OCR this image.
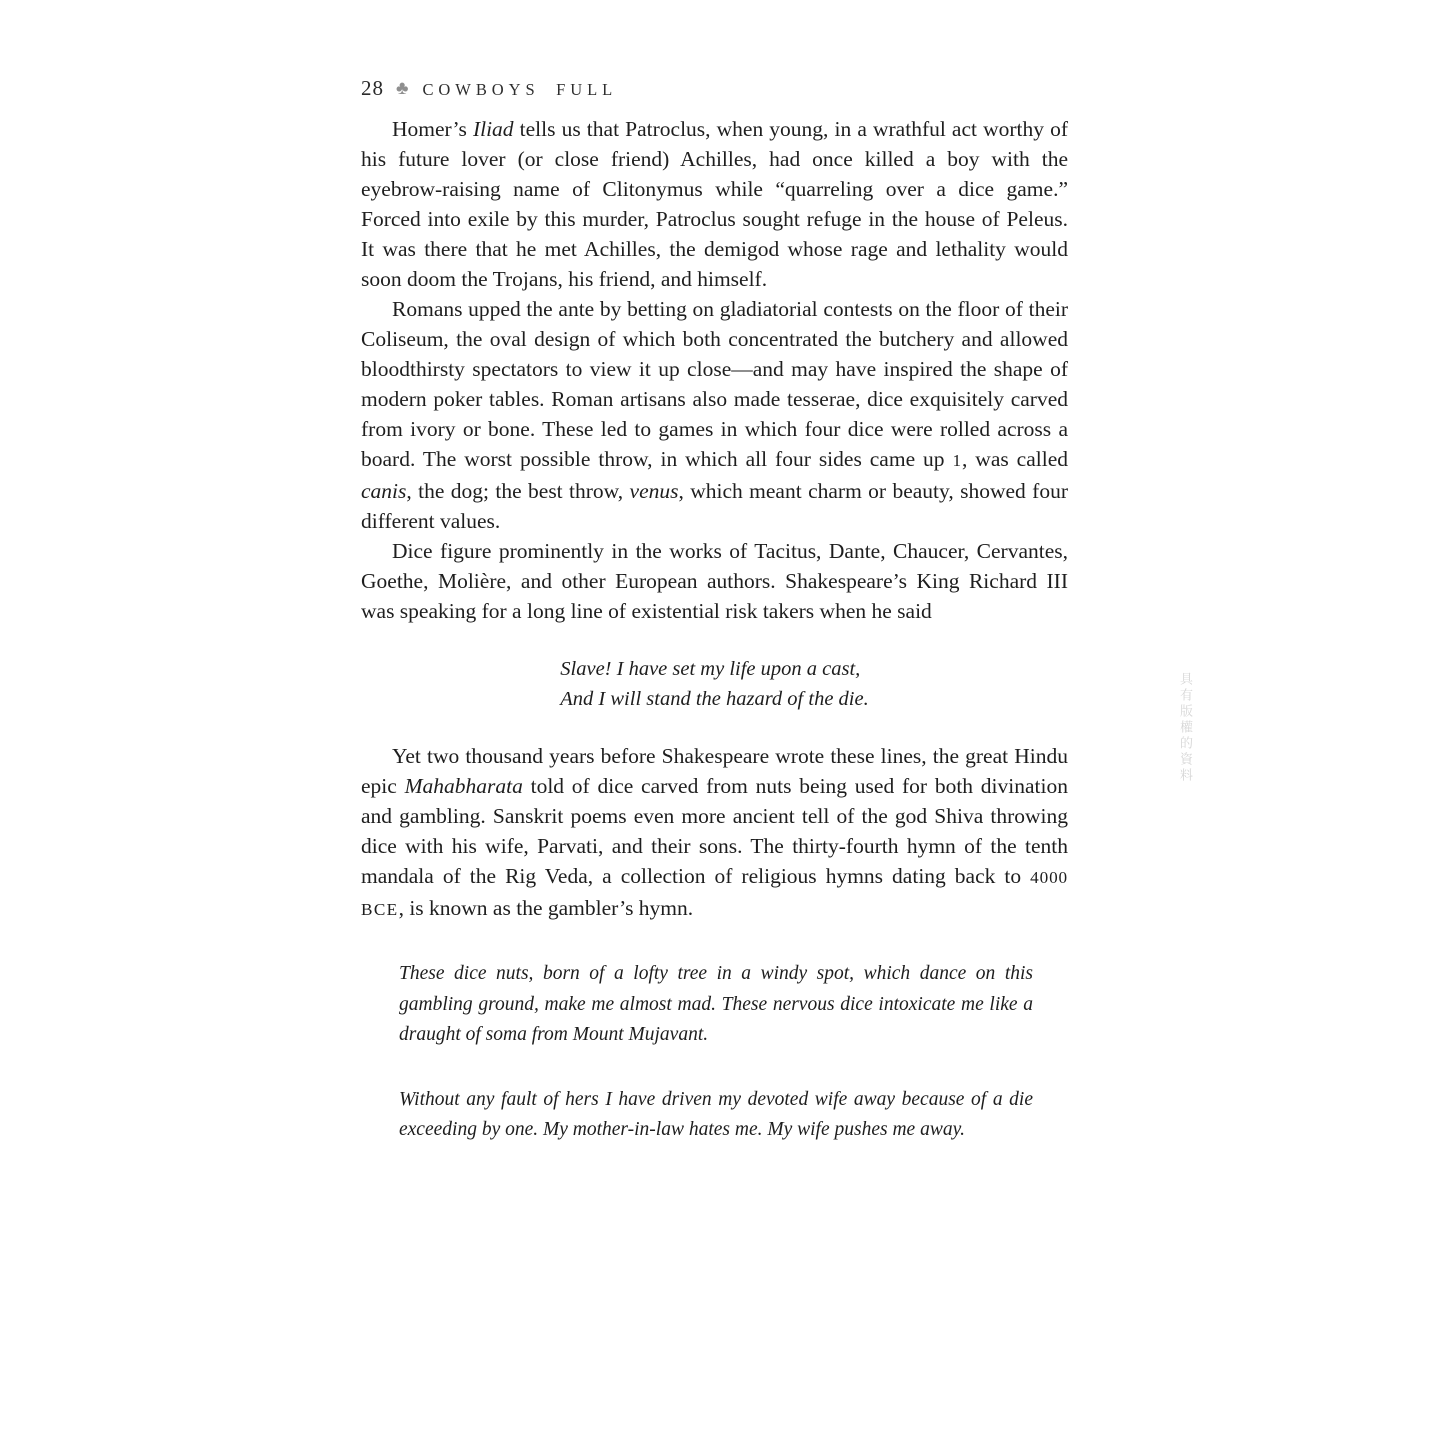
28 ♣ COWBOYS FULL

Homer’s Iliad tells us that Patroclus, when young, in a wrathful act worthy of his future lover (or close friend) Achilles, had once killed a boy with the eyebrow-raising name of Clitonymus while “quarreling over a dice game.” Forced into exile by this murder, Patroclus sought refuge in the house of Peleus. It was there that he met Achilles, the demigod whose rage and lethality would soon doom the Trojans, his friend, and himself.

Romans upped the ante by betting on gladiatorial contests on the floor of their Coliseum, the oval design of which both concentrated the butchery and allowed bloodthirsty spectators to view it up close—and may have inspired the shape of modern poker tables. Roman artisans also made tesserae, dice exquisitely carved from ivory or bone. These led to games in which four dice were rolled across a board. The worst possible throw, in which all four sides came up 1, was called canis, the dog; the best throw, venus, which meant charm or beauty, showed four different values.

Dice figure prominently in the works of Tacitus, Dante, Chaucer, Cervantes, Goethe, Molière, and other European authors. Shakespeare’s King Richard III was speaking for a long line of existential risk takers when he said

Slave! I have set my life upon a cast,
And I will stand the hazard of the die.

Yet two thousand years before Shakespeare wrote these lines, the great Hindu epic Mahabharata told of dice carved from nuts being used for both divination and gambling. Sanskrit poems even more ancient tell of the god Shiva throwing dice with his wife, Parvati, and their sons. The thirty-fourth hymn of the tenth mandala of the Rig Veda, a collection of religious hymns dating back to 4000 BCE, is known as the gambler’s hymn.

These dice nuts, born of a lofty tree in a windy spot, which dance on this gambling ground, make me almost mad. These nervous dice intoxicate me like a draught of soma from Mount Mujavant.

Without any fault of hers I have driven my devoted wife away because of a die exceeding by one. My mother-in-law hates me. My wife pushes me away.

具有版權的資料
